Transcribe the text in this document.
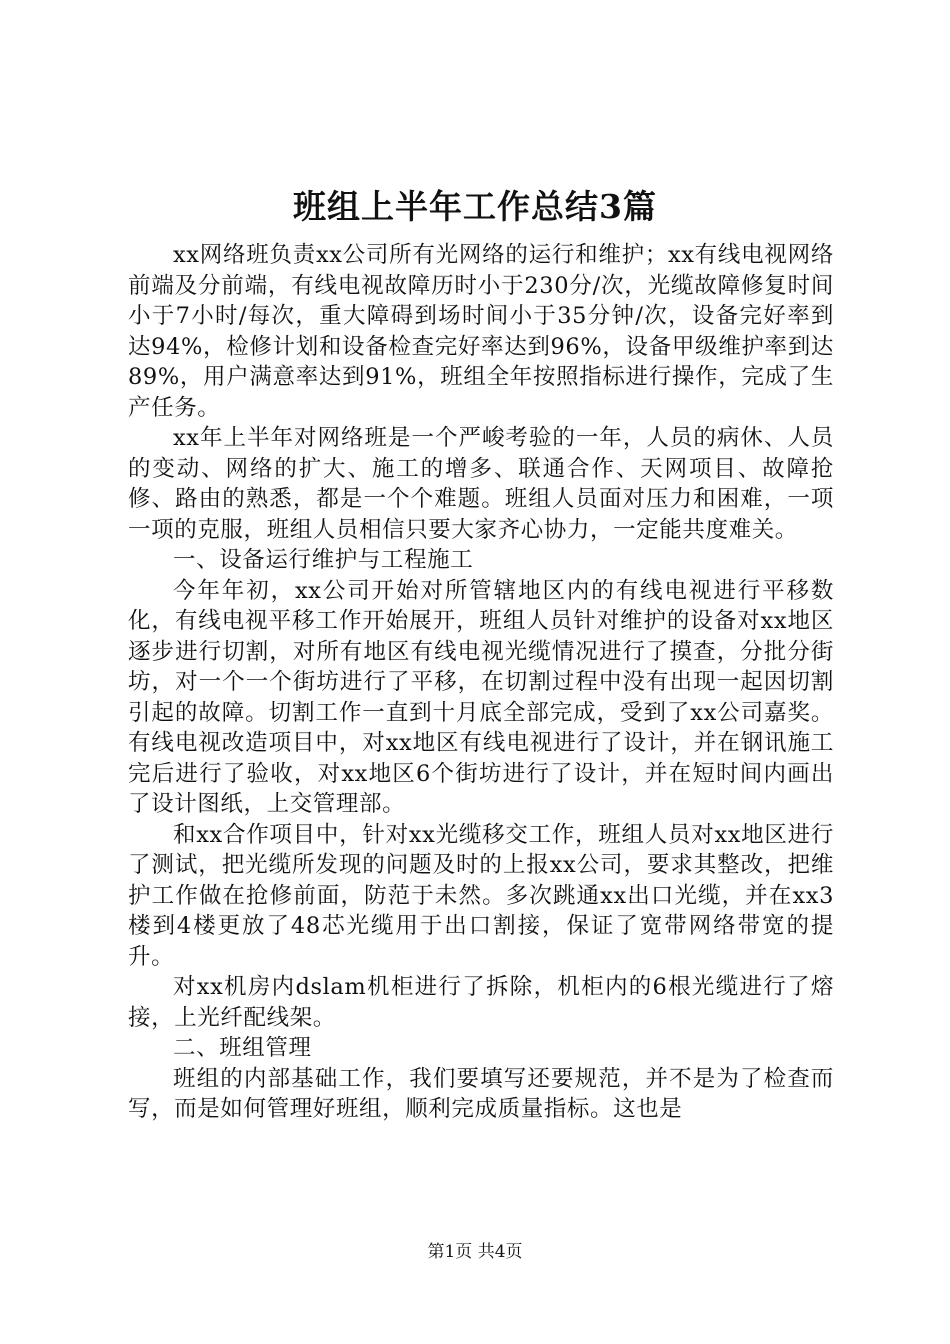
班组上半年工作总结3篇

xx网络班负责xx公司所有光网络的运行和维护；xx有线电视网络前端及分前端，有线电视故障历时小于230分/次，光缆故障修复时间小于7小时/每次，重大障碍到场时间小于35分钟/次，设备完好率到达94%，检修计划和设备检查完好率达到96%，设备甲级维护率到达89%，用户满意率达到91%，班组全年按照指标进行操作，完成了生产任务。

xx年上半年对网络班是一个严峻考验的一年，人员的病休、人员的变动、网络的扩大、施工的增多、联通合作、天网项目、故障抢修、路由的熟悉，都是一个个难题。班组人员面对压力和困难，一项一项的克服，班组人员相信只要大家齐心协力，一定能共度难关。

一、设备运行维护与工程施工

今年年初，xx公司开始对所管辖地区内的有线电视进行平移数化，有线电视平移工作开始展开，班组人员针对维护的设备对xx地区逐步进行切割，对所有地区有线电视光缆情况进行了摸查，分批分街坊，对一个一个街坊进行了平移，在切割过程中没有出现一起因切割引起的故障。切割工作一直到十月底全部完成，受到了xx公司嘉奖。有线电视改造项目中，对xx地区有线电视进行了设计，并在钢讯施工完后进行了验收，对xx地区6个街坊进行了设计，并在短时间内画出了设计图纸，上交管理部。

和xx合作项目中，针对xx光缆移交工作，班组人员对xx地区进行了测试，把光缆所发现的问题及时的上报xx公司，要求其整改，把维护工作做在抢修前面，防范于未然。多次跳通xx出口光缆，并在xx3楼到4楼更放了48芯光缆用于出口割接，保证了宽带网络带宽的提升。

对xx机房内dslam机柜进行了拆除，机柜内的6根光缆进行了熔接，上光纤配线架。

二、班组管理

班组的内部基础工作，我们要填写还要规范，并不是为了检查而写，而是如何管理好班组，顺利完成质量指标。这也是

第1页 共4页
